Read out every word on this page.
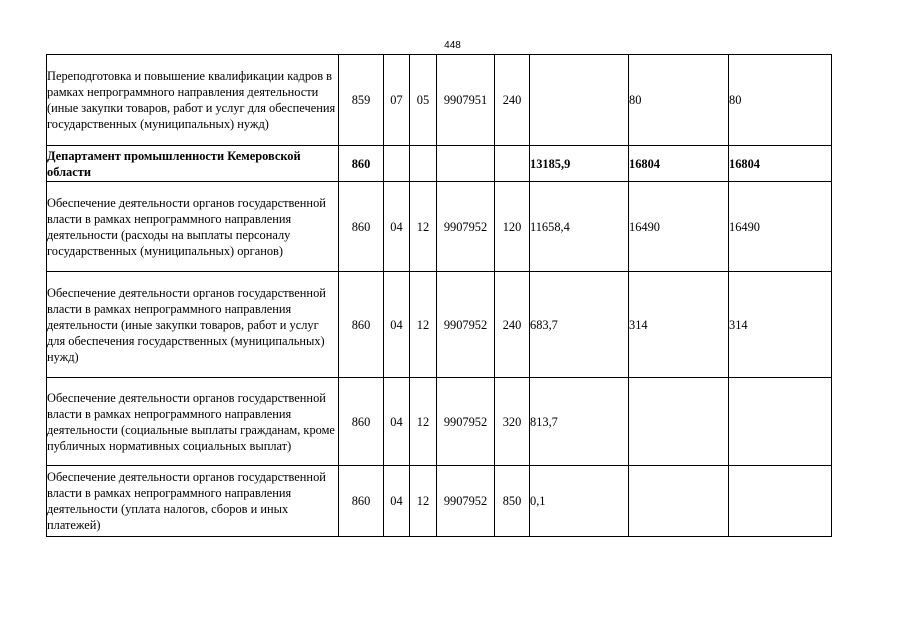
448
Переподготовка и повышение квалификации кадров в рамках непрограммного направления деятельности (иные закупки товаров, работ и услуг для обеспечения государственных (муниципальных) нужд)	859	07	05	9907951	240		80	80
Департамент промышленности Кемеровской области	860					13185,9	16804	16804
Обеспечение деятельности органов государственной власти в рамках непрограммного направления деятельности (расходы на выплаты персоналу государственных (муниципальных) органов)	860	04	12	9907952	120	11658,4	16490	16490
Обеспечение деятельности органов государственной власти в рамках непрограммного направления деятельности (иные закупки товаров, работ и услуг для обеспечения государственных (муниципальных) нужд)	860	04	12	9907952	240	683,7	314	314
Обеспечение деятельности органов государственной власти в рамках непрограммного направления деятельности (социальные выплаты гражданам, кроме публичных нормативных социальных выплат)	860	04	12	9907952	320	813,7		
Обеспечение деятельности органов государственной власти в рамках непрограммного направления деятельности (уплата налогов, сборов и иных платежей)	860	04	12	9907952	850	0,1		
